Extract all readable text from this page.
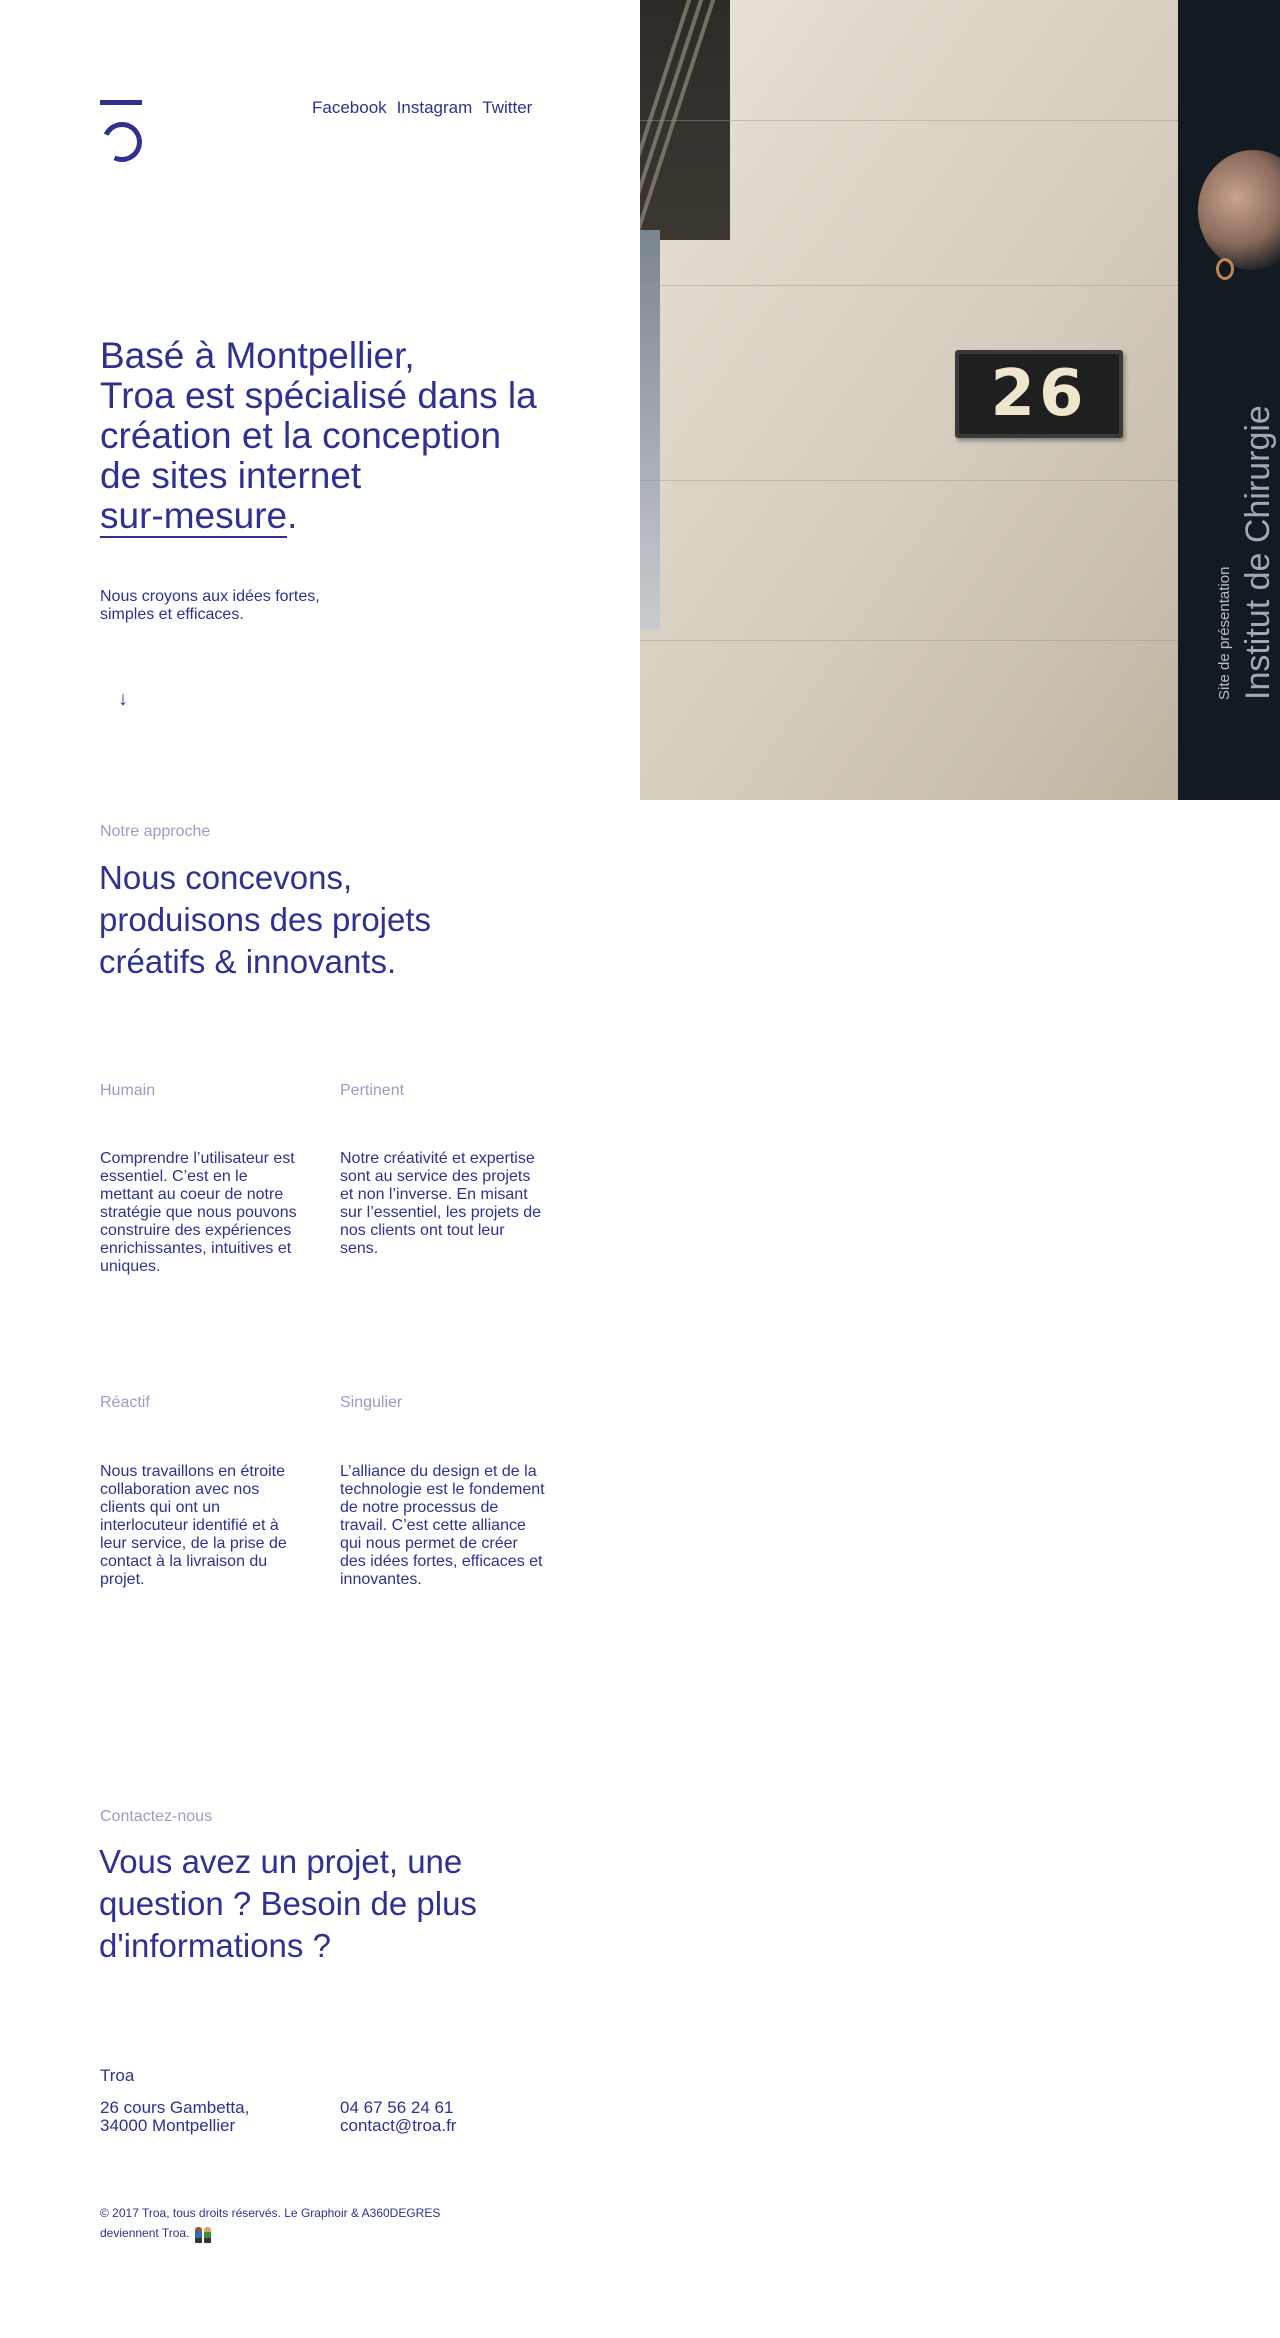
Facebook Instagram Twitter
Basé à Montpellier,
Troa est spécialisé dans la
création et la conception
de sites internet
sur-mesure.

Nous croyons aux idées fortes, simples et efficaces.

↓
26
Site de présentation Institut de Chirurgie
Notre approche
Nous concevons,
produisons des projets
créatifs & innovants.
Humain

Comprendre l’utilisateur est essentiel. C’est en le mettant au coeur de notre stratégie que nous pouvons construire des expériences enrichissantes, intuitives et uniques.

Pertinent

Notre créativité et expertise sont au service des projets et non l’inverse. En misant sur l’essentiel, les projets de nos clients ont tout leur sens.

Réactif

Nous travaillons en étroite collaboration avec nos clients qui ont un interlocuteur identifié et à leur service, de la prise de contact à la livraison du projet.

Singulier

L’alliance du design et de la technologie est le fondement de notre processus de travail. C’est cette alliance qui nous permet de créer des idées fortes, efficaces et innovantes.

Contactez-nous
Vous avez un projet, une
question ? Besoin de plus
d'informations ?
Troa
26 cours Gambetta, 34000 Montpellier
04 67 56 24 61
contact@troa.fr
© 2017 Troa, tous droits réservés. Le Graphoir & A360DEGRES deviennent Troa.
